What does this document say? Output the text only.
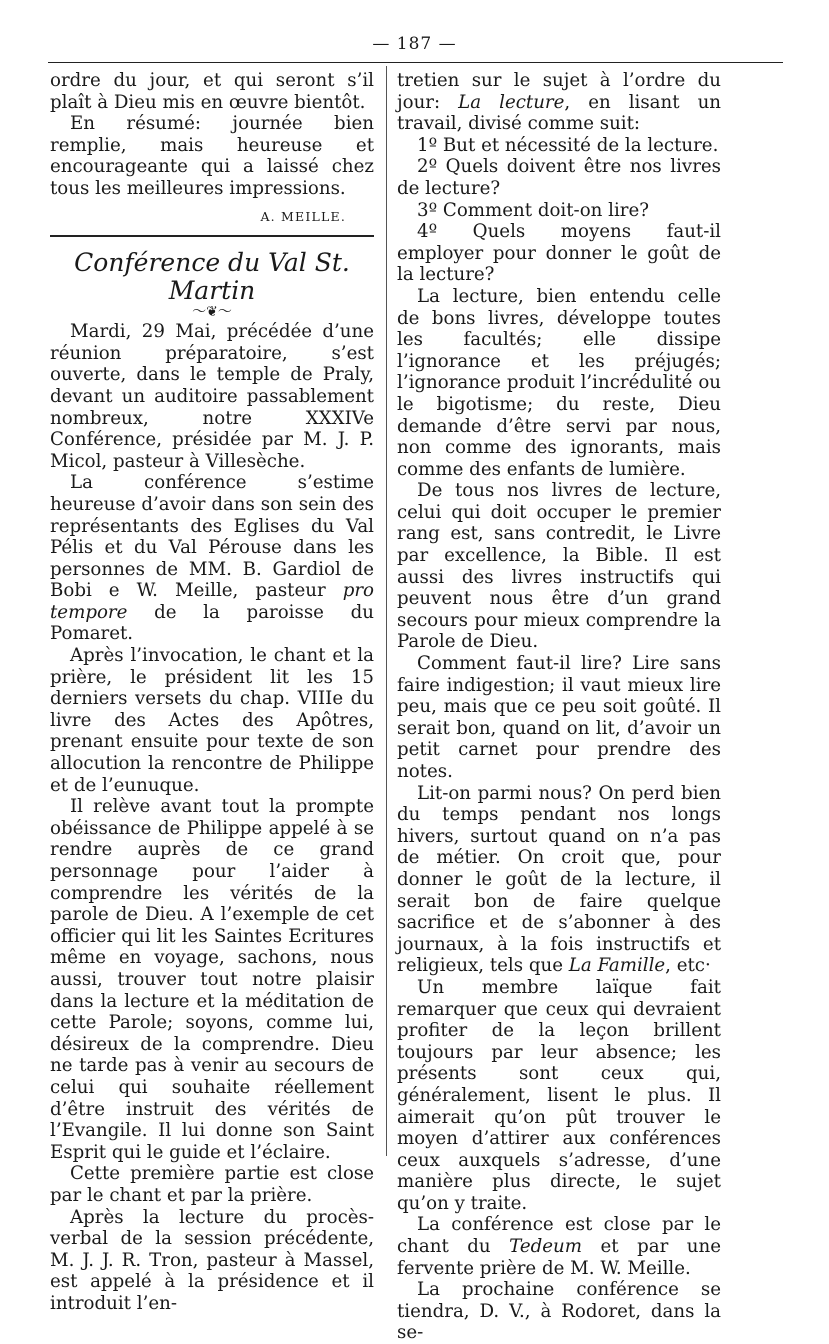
— 187 —

ordre du jour, et qui seront s’il plaît à Dieu mis en œuvre bientôt.

En résumé: journée bien remplie, mais heureuse et encourageante qui a laissé chez tous les meilleures impressions.

A. MEILLE.

Conférence du Val St. Martin
〜❦〜

Mardi, 29 Mai, précédée d’une réunion préparatoire, s’est ouverte, dans le temple de Praly, devant un auditoire passablement nombreux, notre XXXIVe Conférence, présidée par M. J. P. Micol, pasteur à Villesèche.

La conférence s’estime heureuse d’avoir dans son sein des représentants des Eglises du Val Pélis et du Val Pérouse dans les personnes de MM. B. Gardiol de Bobi e W. Meille, pasteur pro tempore de la paroisse du Pomaret.

Après l’invocation, le chant et la prière, le président lit les 15 derniers versets du chap. VIIIe du livre des Actes des Apôtres, prenant ensuite pour texte de son allocution la rencontre de Philippe et de l’eunuque.

Il relève avant tout la prompte obéissance de Philippe appelé à se rendre auprès de ce grand personnage pour l’aider à comprendre les vérités de la parole de Dieu. A l’exemple de cet officier qui lit les Saintes Ecritures même en voyage, sachons, nous aussi, trouver tout notre plaisir dans la lecture et la méditation de cette Parole; soyons, comme lui, désireux de la comprendre. Dieu ne tarde pas à venir au secours de celui qui souhaite réellement d’être instruit des vérités de l’Evangile. Il lui donne son Saint Esprit qui le guide et l’éclaire.

Cette première partie est close par le chant et par la prière.

Après la lecture du procès-verbal de la session précédente, M. J. J. R. Tron, pasteur à Massel, est appelé à la présidence et il introduit l’en-

tretien sur le sujet à l’ordre du jour: La lecture, en lisant un travail, divisé comme suit:

1º But et nécessité de la lecture.

2º Quels doivent être nos livres de lecture?

3º Comment doit-on lire?

4º Quels moyens faut-il employer pour donner le goût de la lecture?

La lecture, bien entendu celle de bons livres, développe toutes les facultés; elle dissipe l’ignorance et les préjugés; l’ignorance produit l’incrédulité ou le bigotisme; du reste, Dieu demande d’être servi par nous, non comme des ignorants, mais comme des enfants de lumière.

De tous nos livres de lecture, celui qui doit occuper le premier rang est, sans contredit, le Livre par excellence, la Bible. Il est aussi des livres instructifs qui peuvent nous être d’un grand secours pour mieux comprendre la Parole de Dieu.

Comment faut-il lire? Lire sans faire indigestion; il vaut mieux lire peu, mais que ce peu soit goûté. Il serait bon, quand on lit, d’avoir un petit carnet pour prendre des notes.

Lit-on parmi nous? On perd bien du temps pendant nos longs hivers, surtout quand on n’a pas de métier. On croit que, pour donner le goût de la lecture, il serait bon de faire quelque sacrifice et de s’abonner à des journaux, à la fois instructifs et religieux, tels que La Famille, etc·

Un membre laïque fait remarquer que ceux qui devraient profiter de la leçon brillent toujours par leur absence; les présents sont ceux qui, généralement, lisent le plus. Il aimerait qu’on pût trouver le moyen d’attirer aux conférences ceux auxquels s’adresse, d’une manière plus directe, le sujet qu’on y traite.

La conférence est close par le chant du Tedeum et par une fervente prière de M. W. Meille.

La prochaine conférence se tiendra, D. V., à Rodoret, dans la se-
